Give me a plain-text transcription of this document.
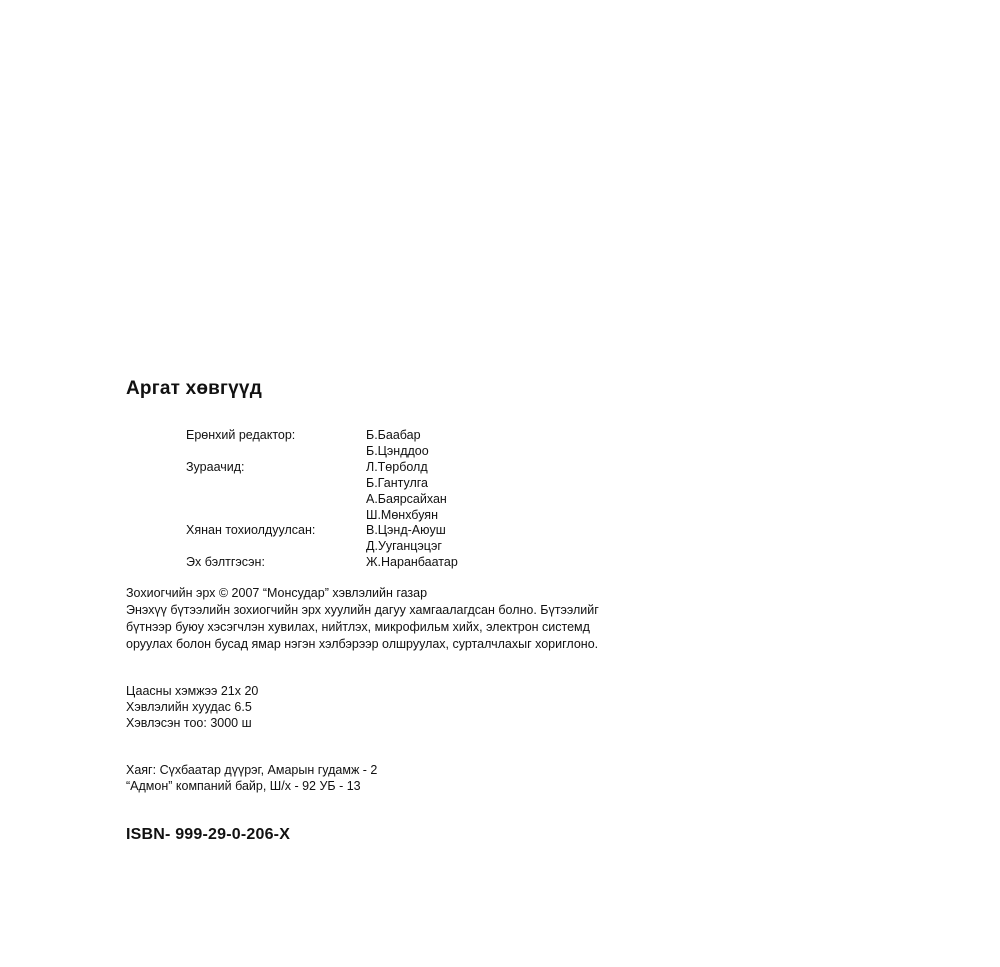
Аргат хөвгүүд
Ерөнхий редактор:	Б.Баабар
Б.Цэнддоо
Зураачид:	Л.Төрболд
Б.Гантулга
А.Баярсайхан
Ш.Мөнхбуян
Хянан тохиолдуулсан:	В.Цэнд-Аюуш
Д.Ууганцэцэг
Эх бэлтгэсэн:	Ж.Наранбаатар
Зохиогчийн эрх © 2007 “Монсудар” хэвлэлийн газар
Энэхүү бүтээлийн зохиогчийн эрх хуулийн дагуу хамгаалагдсан болно. Бүтээлийг
бүтнээр буюу хэсэгчлэн хувилах, нийтлэх, микрофильм хийх, электрон системд
оруулах болон бусад ямар нэгэн хэлбэрээр олшруулах, сурталчлахыг хориглоно.
Цаасны хэмжээ 21x 20
Хэвлэлийн хуудас 6.5
Хэвлэсэн тоо: 3000 ш
Хаяг: Сүхбаатар дүүрэг, Амарын гудамж - 2
“Адмон” компаний байр, Ш/х - 92 УБ - 13
ISBN- 999-29-0-206-X
